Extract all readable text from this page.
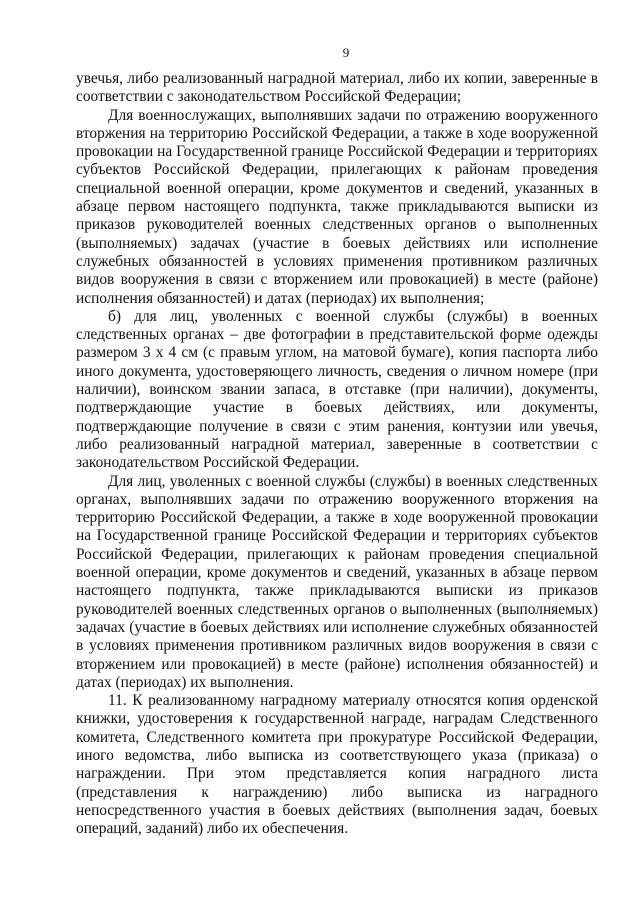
9

увечья, либо реализованный наградной материал, либо их копии, заверенные в соответствии с законодательством Российской Федерации;

Для военнослужащих, выполнявших задачи по отражению вооруженного вторжения на территорию Российской Федерации, а также в ходе вооруженной провокации на Государственной границе Российской Федерации и территориях субъектов Российской Федерации, прилегающих к районам проведения специальной военной операции, кроме документов и сведений, указанных в абзаце первом настоящего подпункта, также прикладываются выписки из приказов руководителей военных следственных органов о выполненных (выполняемых) задачах (участие в боевых действиях или исполнение служебных обязанностей в условиях применения противником различных видов вооружения в связи с вторжением или провокацией) в месте (районе) исполнения обязанностей) и датах (периодах) их выполнения;

б) для лиц, уволенных с военной службы (службы) в военных следственных органах – две фотографии в представительской форме одежды размером 3 х 4 см (с правым углом, на матовой бумаге), копия паспорта либо иного документа, удостоверяющего личность, сведения о личном номере (при наличии), воинском звании запаса, в отставке (при наличии), документы, подтверждающие участие в боевых действиях, или документы, подтверждающие получение в связи с этим ранения, контузии или увечья, либо реализованный наградной материал, заверенные в соответствии с законодательством Российской Федерации.

Для лиц, уволенных с военной службы (службы) в военных следственных органах, выполнявших задачи по отражению вооруженного вторжения на территорию Российской Федерации, а также в ходе вооруженной провокации на Государственной границе Российской Федерации и территориях субъектов Российской Федерации, прилегающих к районам проведения специальной военной операции, кроме документов и сведений, указанных в абзаце первом настоящего подпункта, также прикладываются выписки из приказов руководителей военных следственных органов о выполненных (выполняемых) задачах (участие в боевых действиях или исполнение служебных обязанностей в условиях применения противником различных видов вооружения в связи с вторжением или провокацией) в месте (районе) исполнения обязанностей) и датах (периодах) их выполнения.

11. К реализованному наградному материалу относятся копия орденской книжки, удостоверения к государственной награде, наградам Следственного комитета, Следственного комитета при прокуратуре Российской Федерации, иного ведомства, либо выписка из соответствующего указа (приказа) о награждении. При этом представляется копия наградного листа (представления к награждению) либо выписка из наградного непосредственного участия в боевых действиях (выполнения задач, боевых операций, заданий) либо их обеспечения.
